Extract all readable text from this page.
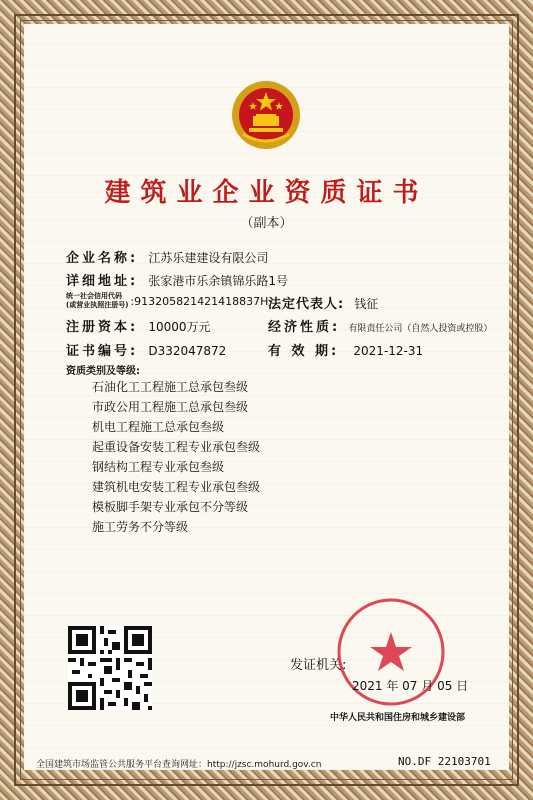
建筑业企业资质证书
（副本）
企业名称: 江苏乐建建设有限公司
详细地址: 张家港市乐余镇锦乐路1号
统一社会信用代码
(或营业执照注册号) :913205821421418837H 法定代表人: 钱征
注册资本: 10000万元	经济性质: 有限责任公司（自然人投资或控股）
证书编号: D332047872	有 效 期: 2021-12-31
资质类别及等级:
石油化工工程施工总承包叁级
市政公用工程施工总承包叁级
机电工程施工总承包叁级
起重设备安装工程专业承包叁级
钢结构工程专业承包叁级
建筑机电安装工程专业承包叁级
模板脚手架专业承包不分等级
施工劳务不分等级
发证机关:
2021 年 07 月 05 日
中华人民共和国住房和城乡建设部
全国建筑市场监管公共服务平台查询网址：http://jzsc.mohurd.gov.cn	NO.DF 22103701
